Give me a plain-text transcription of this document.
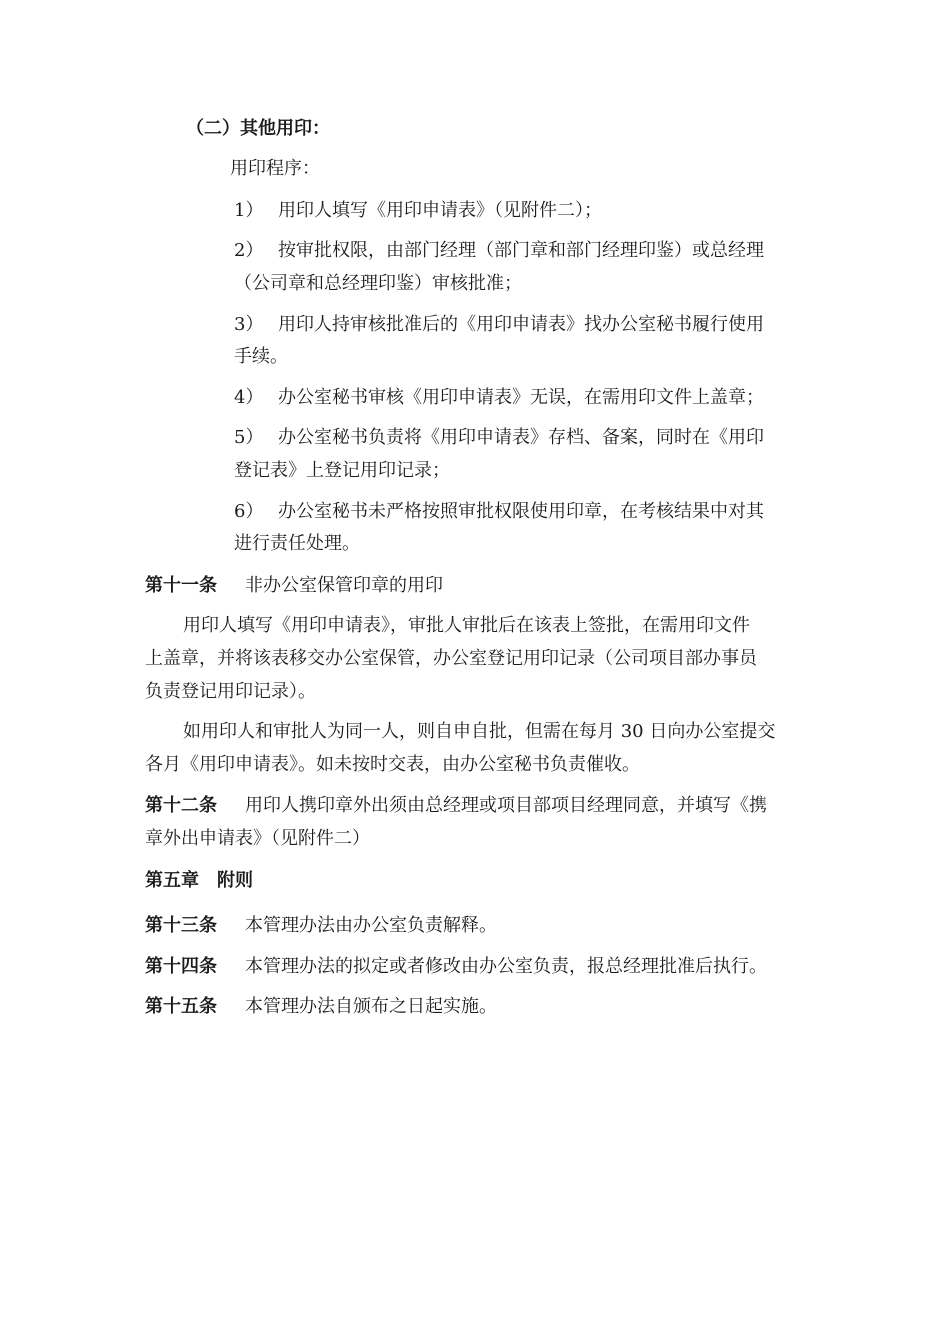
（二）其他用印：
用印程序：
1） 用印人填写《用印申请表》（见附件二）；
2） 按审批权限，由部门经理（部门章和部门经理印鉴）或总经理
（公司章和总经理印鉴）审核批准；
3） 用印人持审核批准后的《用印申请表》找办公室秘书履行使用
手续。
4） 办公室秘书审核《用印申请表》无误，在需用印文件上盖章；
5） 办公室秘书负责将《用印申请表》存档、备案，同时在《用印
登记表》上登记用印记录；
6） 办公室秘书未严格按照审批权限使用印章，在考核结果中对其
进行责任处理。
第十一条 非办公室保管印章的用印
用印人填写《用印申请表》，审批人审批后在该表上签批，在需用印文件
上盖章，并将该表移交办公室保管，办公室登记用印记录（公司项目部办事员
负责登记用印记录）。
如用印人和审批人为同一人，则自申自批，但需在每月 30 日向办公室提交
各月《用印申请表》。如未按时交表，由办公室秘书负责催收。
第十二条 用印人携印章外出须由总经理或项目部项目经理同意，并填写《携
章外出申请表》（见附件二）
第五章　附则
第十三条 本管理办法由办公室负责解释。
第十四条 本管理办法的拟定或者修改由办公室负责，报总经理批准后执行。
第十五条 本管理办法自颁布之日起实施。
